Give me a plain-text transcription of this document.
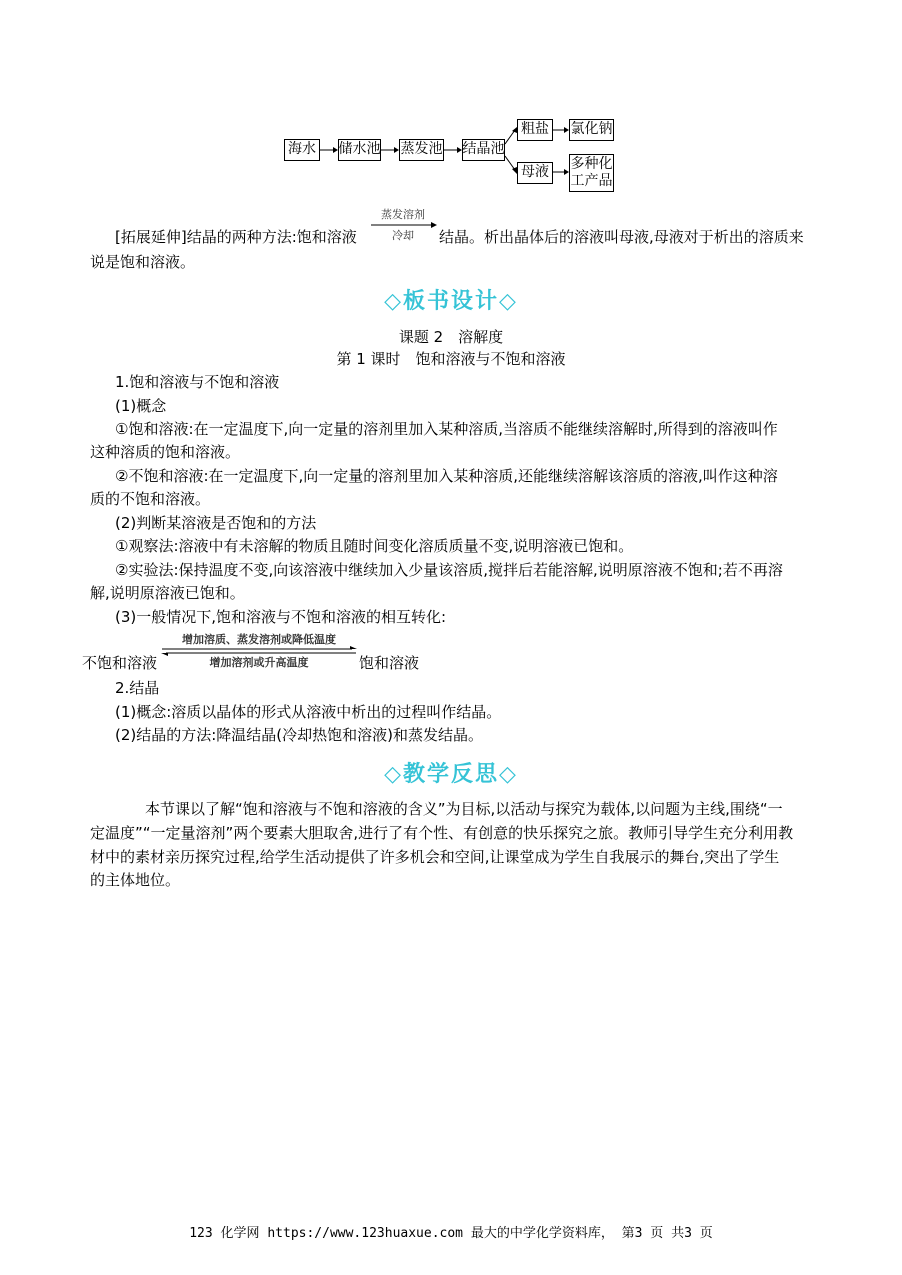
海水 储水池 蒸发池 结晶池
粗盐 氯化钠
母液
多种化
工产品
[拓展延伸]结晶的两种方法:饱和溶液
蒸发溶剂
冷却	结晶。析出晶体后的溶液叫母液,母液对于析出的溶质来
说是饱和溶液。
◇板书设计◇
课题 2　溶解度
第 1 课时　饱和溶液与不饱和溶液
1.饱和溶液与不饱和溶液
(1)概念
①饱和溶液:在一定温度下,向一定量的溶剂里加入某种溶质,当溶质不能继续溶解时,所得到的溶液叫作
这种溶质的饱和溶液。
②不饱和溶液:在一定温度下,向一定量的溶剂里加入某种溶质,还能继续溶解该溶质的溶液,叫作这种溶
质的不饱和溶液。
(2)判断某溶液是否饱和的方法
①观察法:溶液中有未溶解的物质且随时间变化溶质质量不变,说明溶液已饱和。
②实验法:保持温度不变,向该溶液中继续加入少量该溶质,搅拌后若能溶解,说明原溶液不饱和;若不再溶
解,说明原溶液已饱和。
(3)一般情况下,饱和溶液与不饱和溶液的相互转化:
不饱和溶液
增加溶质、蒸发溶剂或降低温度
增加溶剂或升高温度	饱和溶液
2.结晶
(1)概念:溶质以晶体的形式从溶液中析出的过程叫作结晶。
(2)结晶的方法:降温结晶(冷却热饱和溶液)和蒸发结晶。
◇教学反思◇
本节课以了解“饱和溶液与不饱和溶液的含义”为目标,以活动与探究为载体,以问题为主线,围绕“一
定温度”“一定量溶剂”两个要素大胆取舍,进行了有个性、有创意的快乐探究之旅。教师引导学生充分利用教
材中的素材亲历探究过程,给学生活动提供了许多机会和空间,让课堂成为学生自我展示的舞台,突出了学生
的主体地位。
123 化学网 https://www.123huaxue.com 最大的中学化学资料库， 第3 页 共3 页
